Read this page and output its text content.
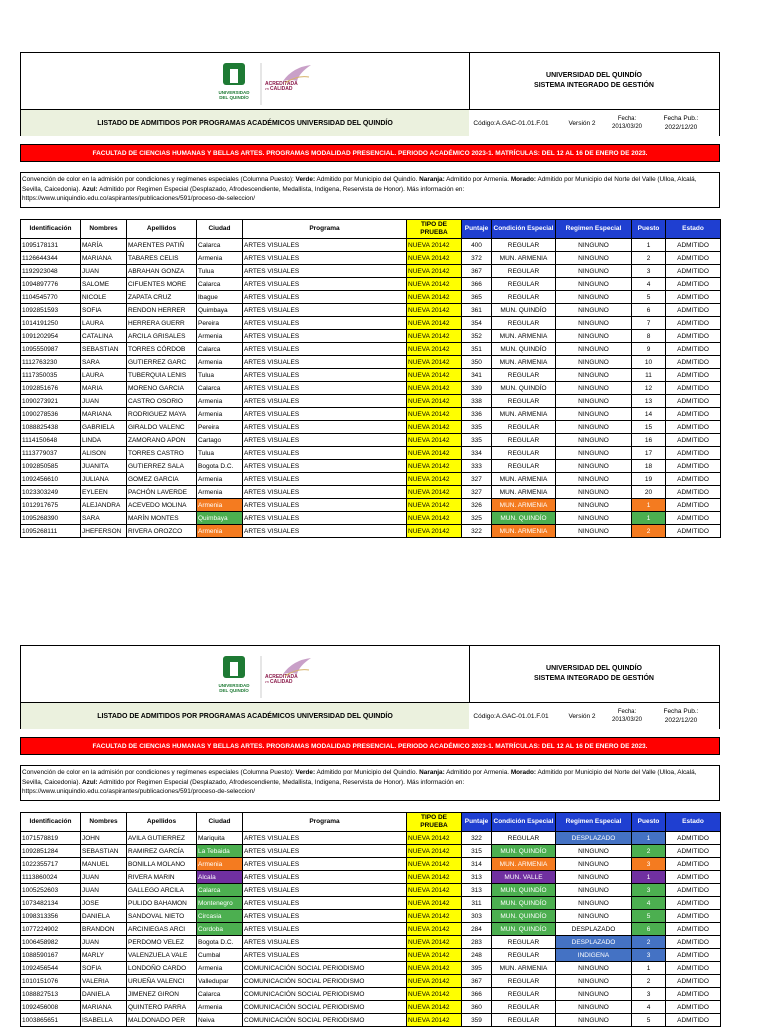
UNIVERSIDAD
DEL QUINDÍO
ACREDITADA
en CALIDAD
UNIVERSIDAD DEL QUINDÍO
SISTEMA INTEGRADO DE GESTIÓN
LISTADO DE ADMITIDOS POR PROGRAMAS ACADÉMICOS UNIVERSIDAD DEL QUINDÍO	Código:A.GAC-01.01.F.01	Versión 2
Fecha: 2013/03/20
Fecha Pub.:
2022/12/20
FACULTAD DE CIENCIAS HUMANAS Y BELLAS ARTES. PROGRAMAS MODALIDAD PRESENCIAL. PERIODO ACADÉMICO 2023-1. MATRÍCULAS: DEL 12 AL 16 DE ENERO DE 2023.
Convención de color en la admisión por condiciones y regímenes especiales (Columna Puesto): Verde: Admitido por Municipio del Quindío. Naranja: Admitido por Armenia. Morado: Admitido por Municipio del Norte del Valle (Ulloa, Alcalá, Sevilla, Caicedonia). Azul: Admitido por Regimen Especial (Desplazado, Afrodescendiente, Medallista, Indigena, Reservista de Honor). Más información en:
https://www.uniquindio.edu.co/aspirantes/publicaciones/591/proceso-de-seleccion/
Identificación	Nombres	Apellidos	Ciudad	Programa	TIPO DE PRUEBA	Puntaje	Condición Especial	Regimen Especial	Puesto	Estado
1095178131	MARÍA	MARENTES PATIÑ	Calarca	ARTES VISUALES	NUEVA 20142	400	REGULAR	NINGUNO	1	ADMITIDO
1126644344	MARIANA	TABARES CELIS	Armenia	ARTES VISUALES	NUEVA 20142	372	MUN. ARMENIA	NINGUNO	2	ADMITIDO
1192923048	JUAN	ABRAHAN GONZA	Tulua	ARTES VISUALES	NUEVA 20142	367	REGULAR	NINGUNO	3	ADMITIDO
1094897776	SALOME	CIFUENTES MORE	Calarca	ARTES VISUALES	NUEVA 20142	366	REGULAR	NINGUNO	4	ADMITIDO
1104545770	NICOLE	ZAPATA CRUZ	Ibague	ARTES VISUALES	NUEVA 20142	365	REGULAR	NINGUNO	5	ADMITIDO
1092851593	SOFIA	RENDON HERRER	Quimbaya	ARTES VISUALES	NUEVA 20142	361	MUN. QUINDÍO	NINGUNO	6	ADMITIDO
1014191250	LAURA	HERRERA GUERR	Pereira	ARTES VISUALES	NUEVA 20142	354	REGULAR	NINGUNO	7	ADMITIDO
1091202954	CATALINA	ARCILA GRISALES	Armenia	ARTES VISUALES	NUEVA 20142	352	MUN. ARMENIA	NINGUNO	8	ADMITIDO
1095550987	SEBASTIAN	TORRES CÓRDOB	Calarca	ARTES VISUALES	NUEVA 20142	351	MUN. QUINDÍO	NINGUNO	9	ADMITIDO
1112763230	SARA	GUTIERREZ GARC	Armenia	ARTES VISUALES	NUEVA 20142	350	MUN. ARMENIA	NINGUNO	10	ADMITIDO
1117350035	LAURA	TUBERQUIA LENIS	Tulua	ARTES VISUALES	NUEVA 20142	341	REGULAR	NINGUNO	11	ADMITIDO
1092851676	MARIA	MORENO GARCIA	Calarca	ARTES VISUALES	NUEVA 20142	339	MUN. QUINDÍO	NINGUNO	12	ADMITIDO
1090273921	JUAN	CASTRO OSORIO	Armenia	ARTES VISUALES	NUEVA 20142	338	REGULAR	NINGUNO	13	ADMITIDO
1090278536	MARIANA	RODRIGUEZ MAYA	Armenia	ARTES VISUALES	NUEVA 20142	336	MUN. ARMENIA	NINGUNO	14	ADMITIDO
1088825438	GABRIELA	GIRALDO VALENC	Pereira	ARTES VISUALES	NUEVA 20142	335	REGULAR	NINGUNO	15	ADMITIDO
1114150648	LINDA	ZAMORANO APON	Cartago	ARTES VISUALES	NUEVA 20142	335	REGULAR	NINGUNO	16	ADMITIDO
1113779037	ALISON	TORRES CASTRO	Tulua	ARTES VISUALES	NUEVA 20142	334	REGULAR	NINGUNO	17	ADMITIDO
1092850585	JUANITA	GUTIERREZ SALA	Bogota D.C.	ARTES VISUALES	NUEVA 20142	333	REGULAR	NINGUNO	18	ADMITIDO
1092456610	JULIANA	GOMEZ GARCIA	Armenia	ARTES VISUALES	NUEVA 20142	327	MUN. ARMENIA	NINGUNO	19	ADMITIDO
1023303249	EYLEEN	PACHÓN LAVERDE	Armenia	ARTES VISUALES	NUEVA 20142	327	MUN. ARMENIA	NINGUNO	20	ADMITIDO
1012917675	ALEJANDRA	ACEVEDO MOLINA	Armenia	ARTES VISUALES	NUEVA 20142	326	MUN. ARMENIA	NINGUNO	1	ADMITIDO
1095268390	SARA	MARÍN MONTES	Quimbaya	ARTES VISUALES	NUEVA 20142	325	MUN. QUINDÍO	NINGUNO	1	ADMITIDO
1095268111	JHEFERSON	RIVERA OROZCO	Armenia	ARTES VISUALES	NUEVA 20142	322	MUN. ARMENIA	NINGUNO	2	ADMITIDO
UNIVERSIDAD
DEL QUINDÍO
ACREDITADA
en CALIDAD
UNIVERSIDAD DEL QUINDÍO
SISTEMA INTEGRADO DE GESTIÓN
LISTADO DE ADMITIDOS POR PROGRAMAS ACADÉMICOS UNIVERSIDAD DEL QUINDÍO	Código:A.GAC-01.01.F.01	Versión 2
Fecha: 2013/03/20
Fecha Pub.:
2022/12/20
FACULTAD DE CIENCIAS HUMANAS Y BELLAS ARTES. PROGRAMAS MODALIDAD PRESENCIAL. PERIODO ACADÉMICO 2023-1. MATRÍCULAS: DEL 12 AL 16 DE ENERO DE 2023.
Convención de color en la admisión por condiciones y regímenes especiales (Columna Puesto): Verde: Admitido por Municipio del Quindío. Naranja: Admitido por Armenia. Morado: Admitido por Municipio del Norte del Valle (Ulloa, Alcalá, Sevilla, Caicedonia). Azul: Admitido por Regimen Especial (Desplazado, Afrodescendiente, Medallista, Indigena, Reservista de Honor). Más información en:
https://www.uniquindio.edu.co/aspirantes/publicaciones/591/proceso-de-seleccion/
Identificación	Nombres	Apellidos	Ciudad	Programa	TIPO DE PRUEBA	Puntaje	Condición Especial	Regimen Especial	Puesto	Estado
1071578819	JOHN	AVILA GUTIERREZ	Mariquita	ARTES VISUALES	NUEVA 20142	322	REGULAR	DESPLAZADO	1	ADMITIDO
1092851284	SEBASTIAN	RAMIREZ GARCÍA	La Tebaida	ARTES VISUALES	NUEVA 20142	315	MUN. QUINDÍO	NINGUNO	2	ADMITIDO
1022355717	MANUEL	BONILLA MOLANO	Armenia	ARTES VISUALES	NUEVA 20142	314	MUN. ARMENIA	NINGUNO	3	ADMITIDO
1113860024	JUAN	RIVERA MARIN	Alcala	ARTES VISUALES	NUEVA 20142	313	MUN. VALLE	NINGUNO	1	ADMITIDO
1005252603	JUAN	GALLEGO ARCILA	Calarca	ARTES VISUALES	NUEVA 20142	313	MUN. QUINDÍO	NINGUNO	3	ADMITIDO
1073482134	JOSE	PULIDO BAHAMON	Montenegro	ARTES VISUALES	NUEVA 20142	311	MUN. QUINDÍO	NINGUNO	4	ADMITIDO
1098313356	DANIELA	SANDOVAL NIETO	Circasia	ARTES VISUALES	NUEVA 20142	303	MUN. QUINDÍO	NINGUNO	5	ADMITIDO
1077224902	BRANDON	ARCINIEGAS ARCI	Cordoba	ARTES VISUALES	NUEVA 20142	284	MUN. QUINDÍO	DESPLAZADO	6	ADMITIDO
1006458982	JUAN	PERDOMO VELEZ	Bogota D.C.	ARTES VISUALES	NUEVA 20142	283	REGULAR	DESPLAZADO	2	ADMITIDO
1088590167	MARLY	VALENZUELA VALE	Cumbal	ARTES VISUALES	NUEVA 20142	248	REGULAR	INDIGENA	3	ADMITIDO
1092456544	SOFIA	LONDOÑO CARDO	Armenia	COMUNICACIÓN SOCIAL PERIODISMO	NUEVA 20142	395	MUN. ARMENIA	NINGUNO	1	ADMITIDO
1010151076	VALERIA	URUEÑA VALENCI	Valledupar	COMUNICACIÓN SOCIAL PERIODISMO	NUEVA 20142	367	REGULAR	NINGUNO	2	ADMITIDO
1088827513	DANIELA	JIMENEZ GIRON	Calarca	COMUNICACIÓN SOCIAL PERIODISMO	NUEVA 20142	366	REGULAR	NINGUNO	3	ADMITIDO
1092456008	MARIANA	QUINTERO PARRA	Armenia	COMUNICACIÓN SOCIAL PERIODISMO	NUEVA 20142	360	REGULAR	NINGUNO	4	ADMITIDO
1003865651	ISABELLA	MALDONADO PER	Neiva	COMUNICACIÓN SOCIAL PERIODISMO	NUEVA 20142	359	REGULAR	NINGUNO	5	ADMITIDO
